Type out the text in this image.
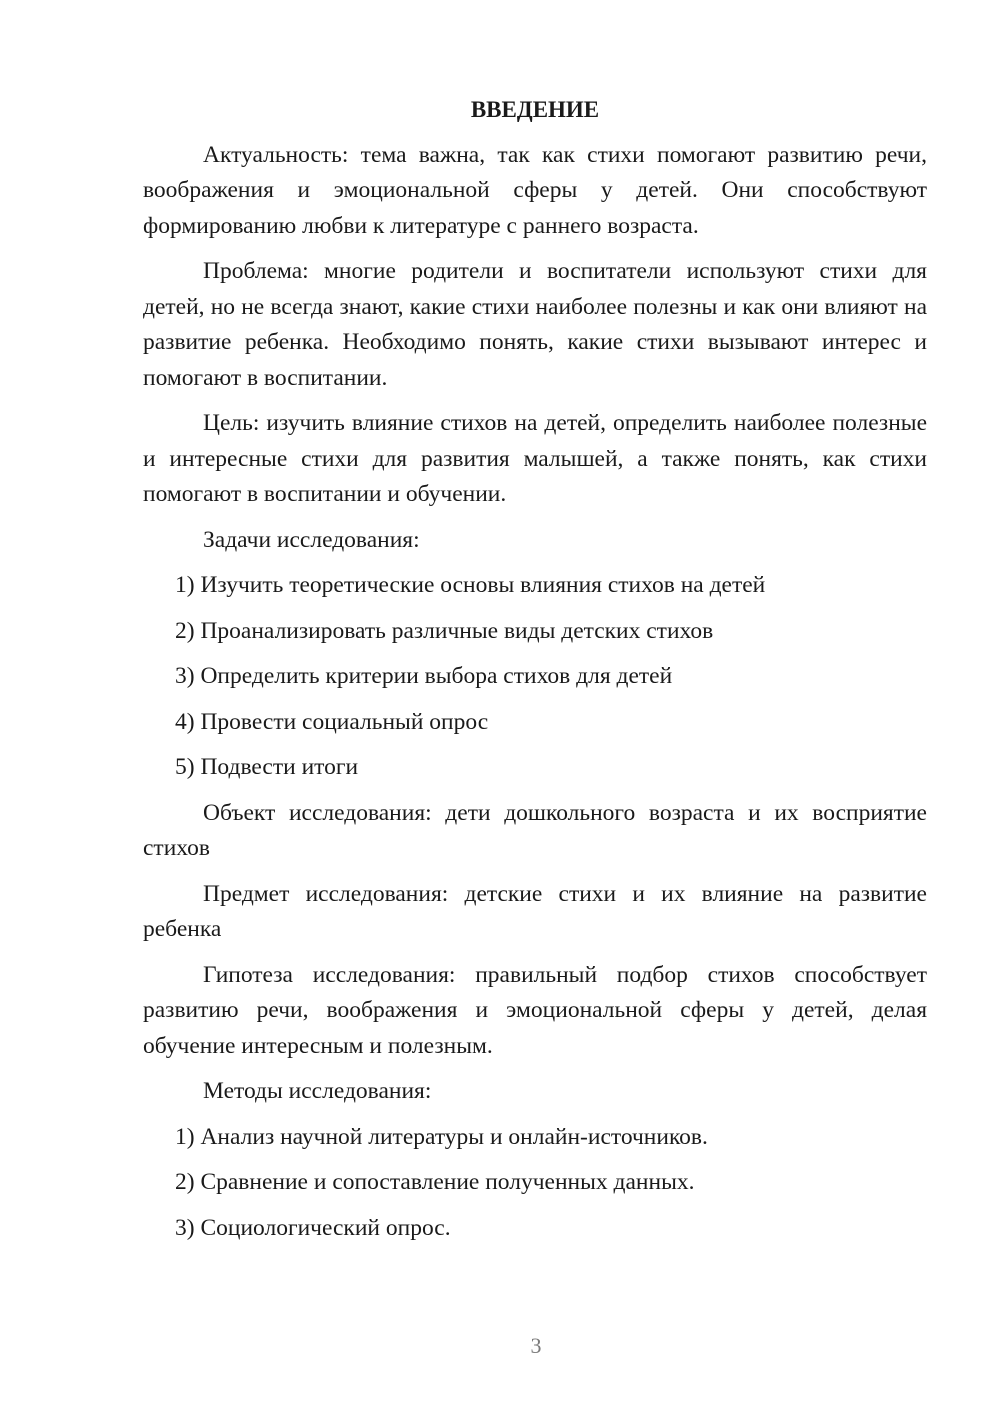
ВВЕДЕНИЕ

Актуальность: тема важна, так как стихи помогают развитию речи, воображения и эмоциональной сферы у детей. Они способствуют формированию любви к литературе с раннего возраста.

Проблема: многие родители и воспитатели используют стихи для детей, но не всегда знают, какие стихи наиболее полезны и как они влияют на развитие ребенка. Необходимо понять, какие стихи вызывают интерес и помогают в воспитании.

Цель: изучить влияние стихов на детей, определить наиболее полезные и интересные стихи для развития малышей, а также понять, как стихи помогают в воспитании и обучении.

Задачи исследования:

1) Изучить теоретические основы влияния стихов на детей
2) Проанализировать различные виды детских стихов
3) Определить критерии выбора стихов для детей
4) Провести социальный опрос
5) Подвести итоги

Объект исследования: дети дошкольного возраста и их восприятие стихов

Предмет исследования: детские стихи и их влияние на развитие ребенка

Гипотеза исследования: правильный подбор стихов способствует развитию речи, воображения и эмоциональной сферы у детей, делая обучение интересным и полезным.

Методы исследования:

1) Анализ научной литературы и онлайн-источников.
2) Сравнение и сопоставление полученных данных.
3) Социологический опрос.
3
